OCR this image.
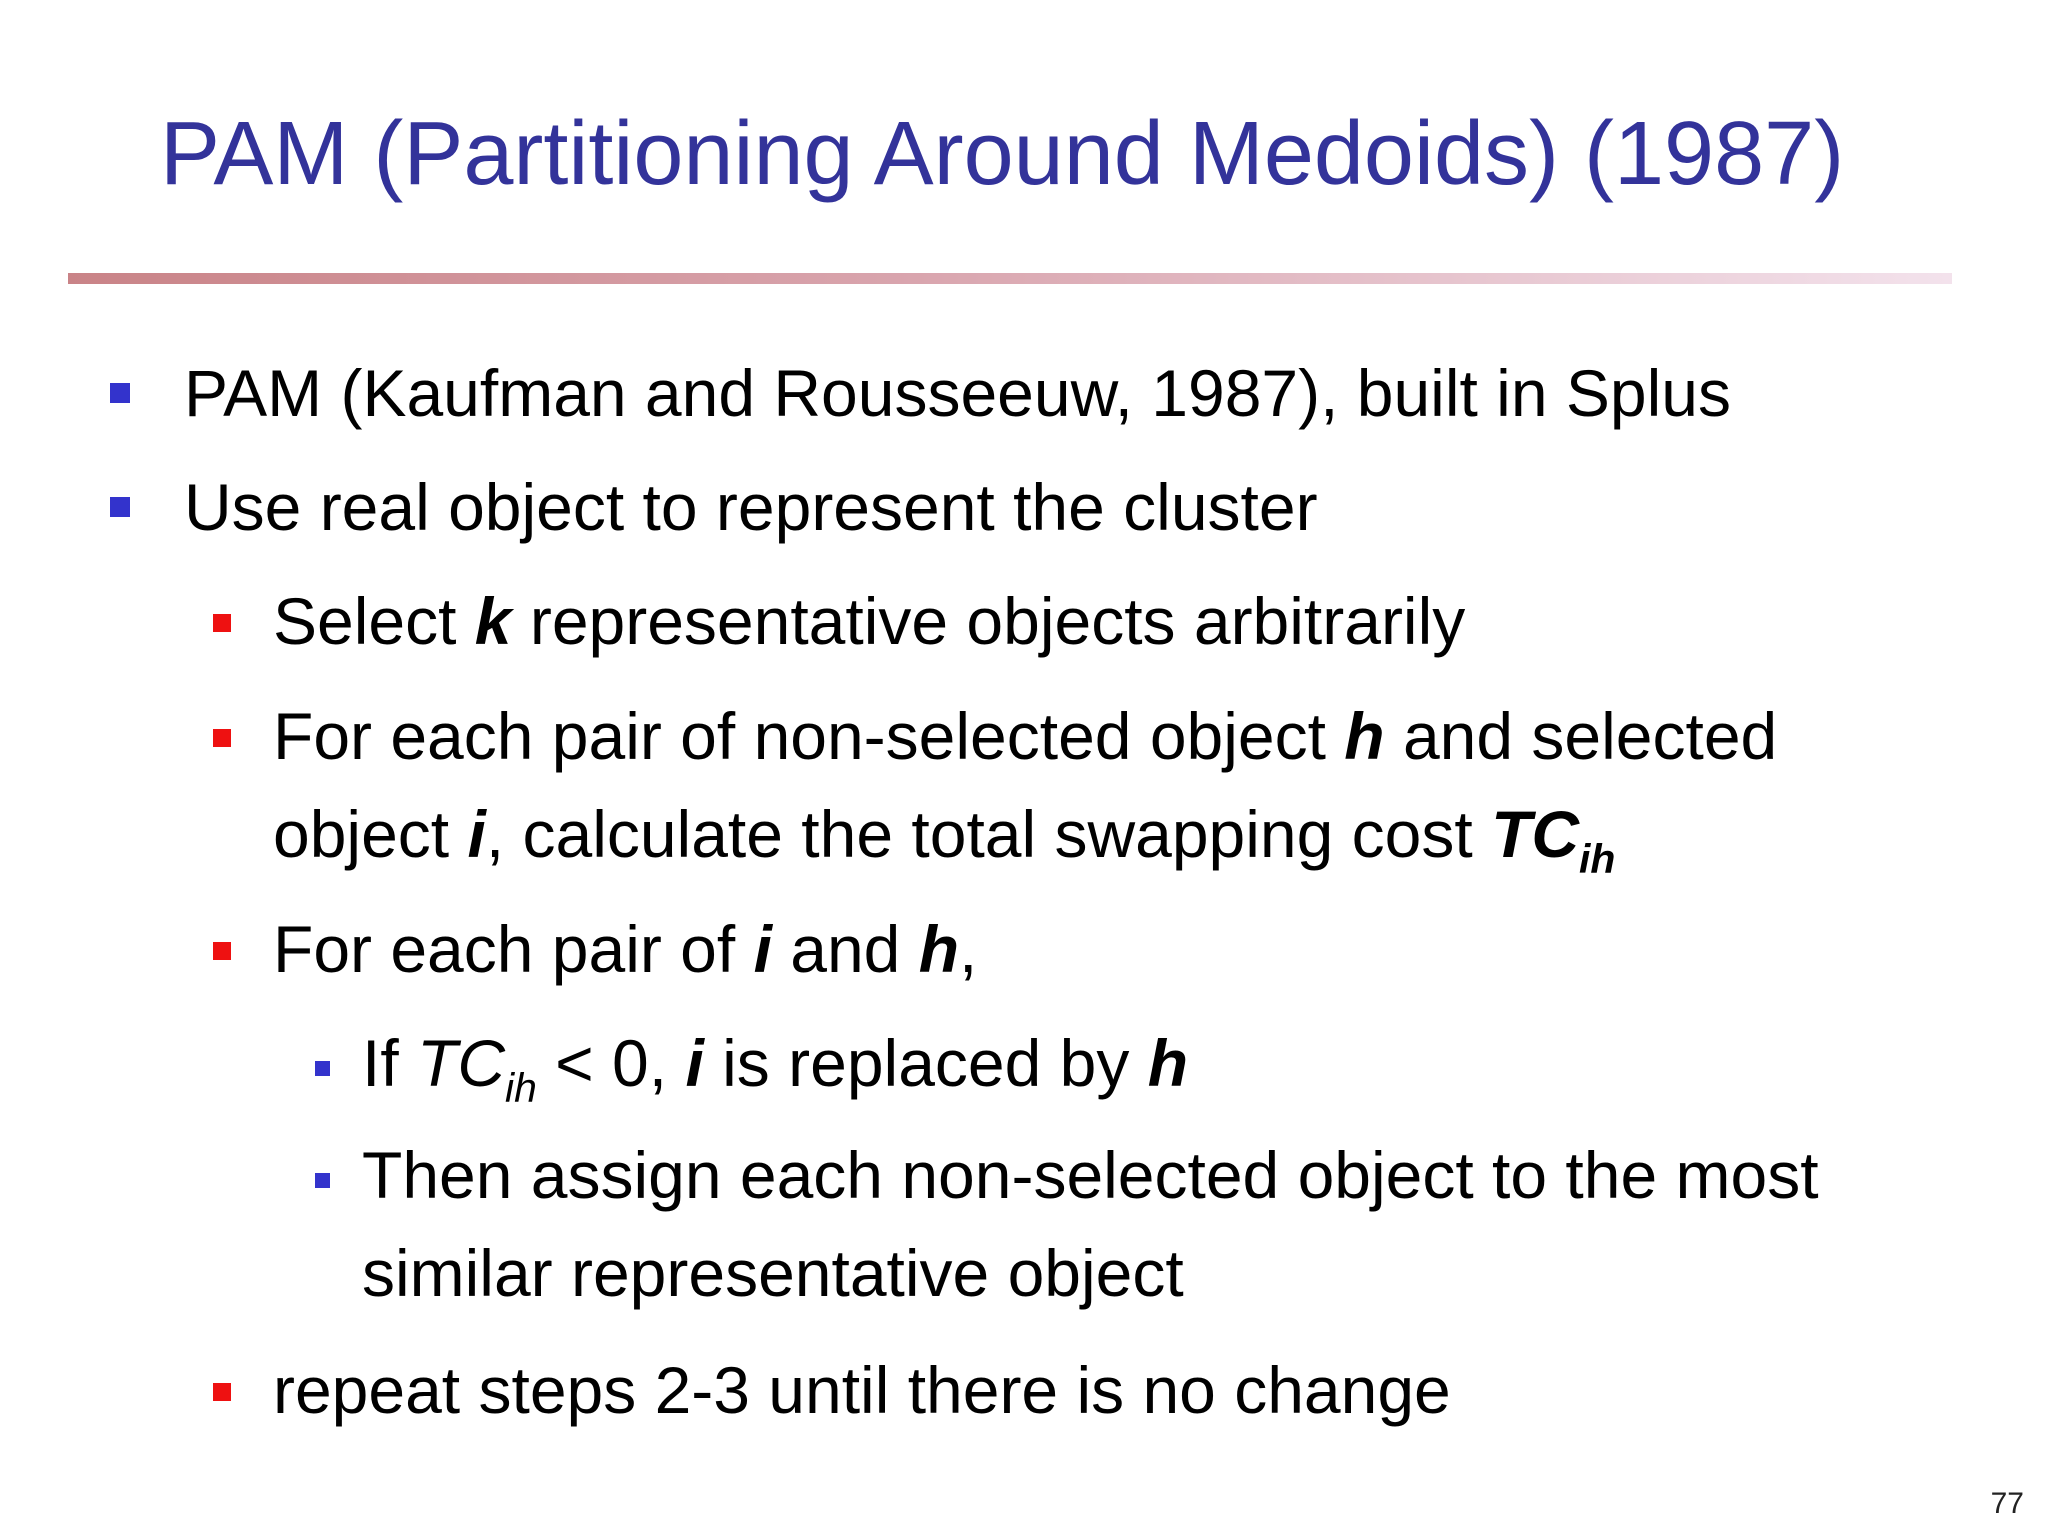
PAM (Partitioning Around Medoids) (1987)
PAM (Kaufman and Rousseeuw, 1987), built in Splus
Use real object to represent the cluster
Select k representative objects arbitrarily
For each pair of non-selected object h and selected
object i, calculate the total swapping cost $TC_{ih}$
For each pair of i and h,
If $TC_{ih} < 0$, i is replaced by h
Then assign each non-selected object to the most
similar representative object
repeat steps 2-3 until there is no change
77
